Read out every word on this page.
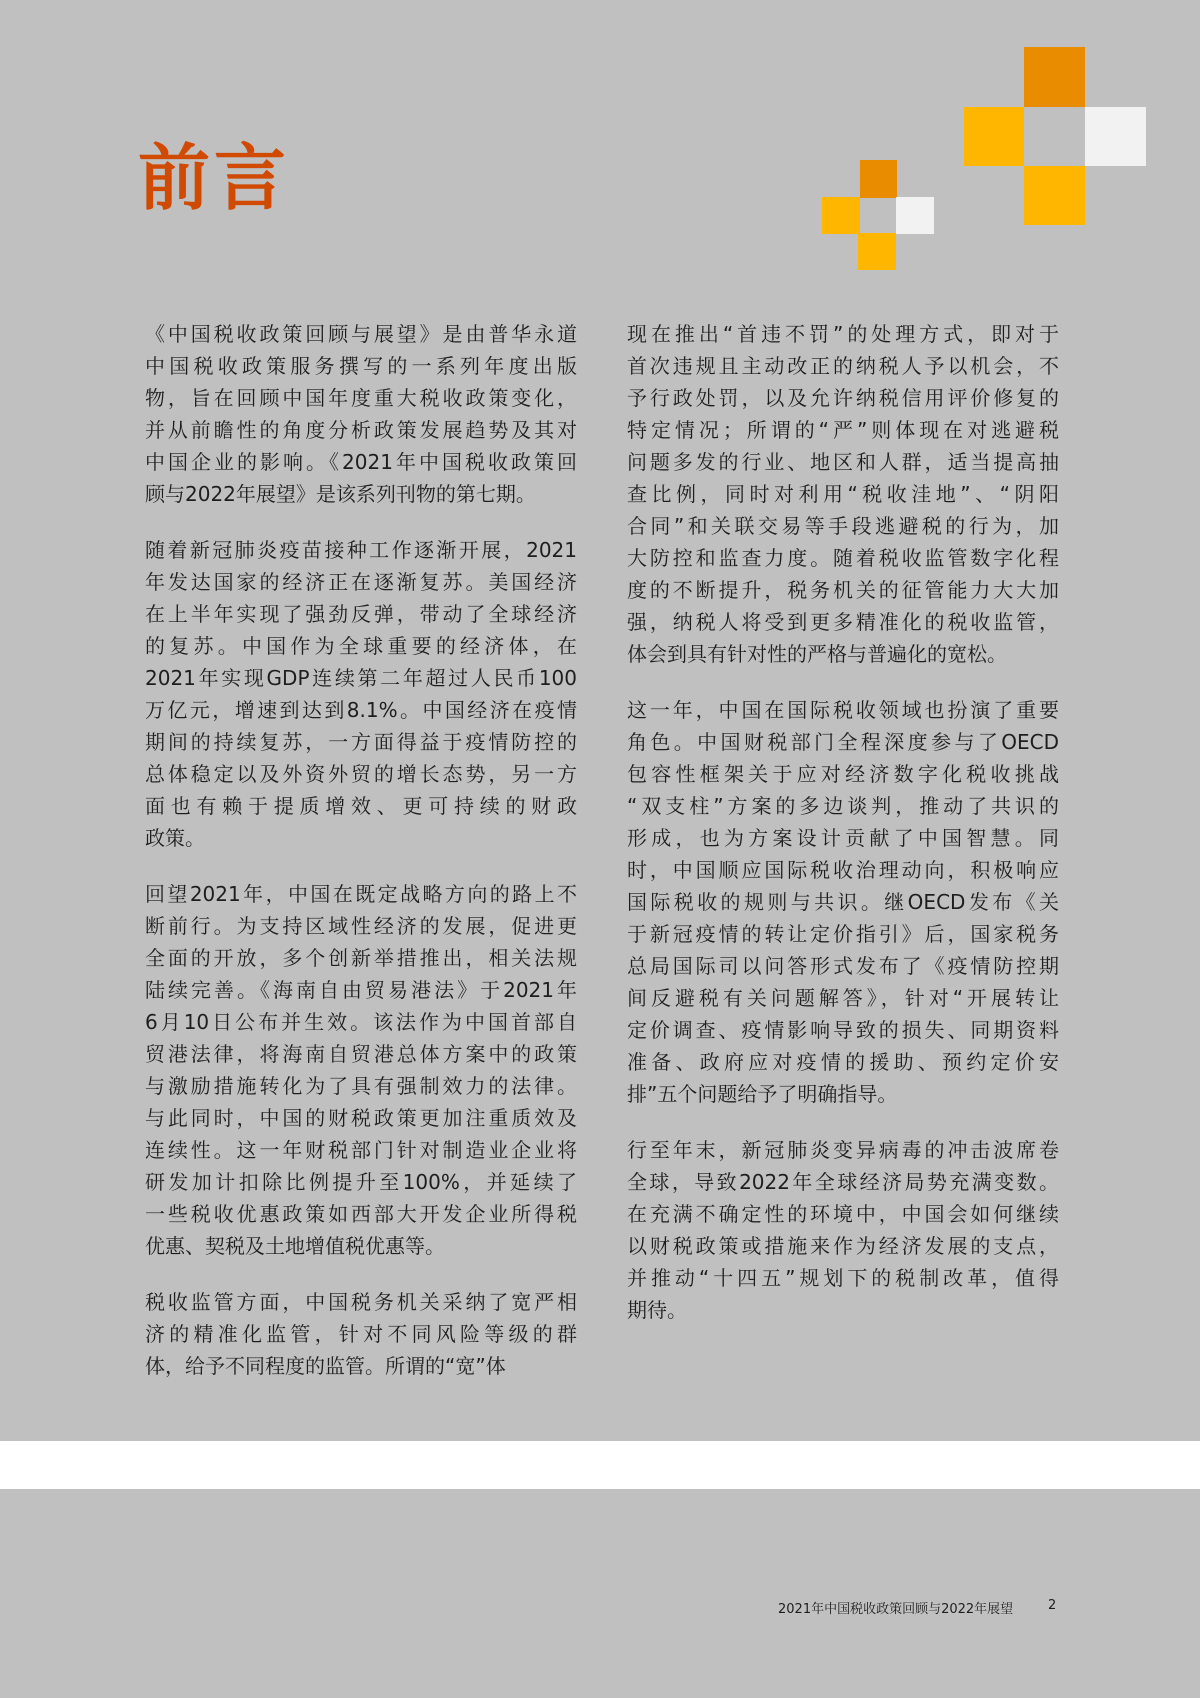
前言

《中国税收政策回顾与展望》是由普华永道
中国税收政策服务撰写的一系列年度出版
物，旨在回顾中国年度重大税收政策变化，
并从前瞻性的角度分析政策发展趋势及其对
中国企业的影响。《2021年中国税收政策回
顾与2022年展望》是该系列刊物的第七期。

随着新冠肺炎疫苗接种工作逐渐开展，2021
年发达国家的经济正在逐渐复苏。美国经济
在上半年实现了强劲反弹，带动了全球经济
的复苏。中国作为全球重要的经济体，在
2021年实现GDP连续第二年超过人民币100
万亿元，增速到达到8.1%。中国经济在疫情
期间的持续复苏，一方面得益于疫情防控的
总体稳定以及外资外贸的增长态势，另一方
面也有赖于提质增效、更可持续的财政
政策。

回望2021年，中国在既定战略方向的路上不
断前行。为支持区域性经济的发展，促进更
全面的开放，多个创新举措推出，相关法规
陆续完善。《海南自由贸易港法》于2021年
6月10日公布并生效。该法作为中国首部自
贸港法律，将海南自贸港总体方案中的政策
与激励措施转化为了具有强制效力的法律。
与此同时，中国的财税政策更加注重质效及
连续性。这一年财税部门针对制造业企业将
研发加计扣除比例提升至100%，并延续了
一些税收优惠政策如西部大开发企业所得税
优惠、契税及土地增值税优惠等。

税收监管方面，中国税务机关采纳了宽严相
济的精准化监管，针对不同风险等级的群
体，给予不同程度的监管。所谓的“宽”体

现在推出“首违不罚”的处理方式，即对于
首次违规且主动改正的纳税人予以机会，不
予行政处罚，以及允许纳税信用评价修复的
特定情况；所谓的“严”则体现在对逃避税
问题多发的行业、地区和人群，适当提高抽
查比例，同时对利用“税收洼地”、“阴阳
合同”和关联交易等手段逃避税的行为，加
大防控和监查力度。随着税收监管数字化程
度的不断提升，税务机关的征管能力大大加
强，纳税人将受到更多精准化的税收监管，
体会到具有针对性的严格与普遍化的宽松。

这一年，中国在国际税收领域也扮演了重要
角色。中国财税部门全程深度参与了OECD
包容性框架关于应对经济数字化税收挑战
“双支柱”方案的多边谈判，推动了共识的
形成，也为方案设计贡献了中国智慧。同
时，中国顺应国际税收治理动向，积极响应
国际税收的规则与共识。继OECD发布《关
于新冠疫情的转让定价指引》后，国家税务
总局国际司以问答形式发布了《疫情防控期
间反避税有关问题解答》，针对“开展转让
定价调查、疫情影响导致的损失、同期资料
准备、政府应对疫情的援助、预约定价安
排”五个问题给予了明确指导。

行至年末，新冠肺炎变异病毒的冲击波席卷
全球，导致2022年全球经济局势充满变数。
在充满不确定性的环境中，中国会如何继续
以财税政策或措施来作为经济发展的支点，
并推动“十四五”规划下的税制改革，值得
期待。

2021年中国税收政策回顾与2022年展望	2
